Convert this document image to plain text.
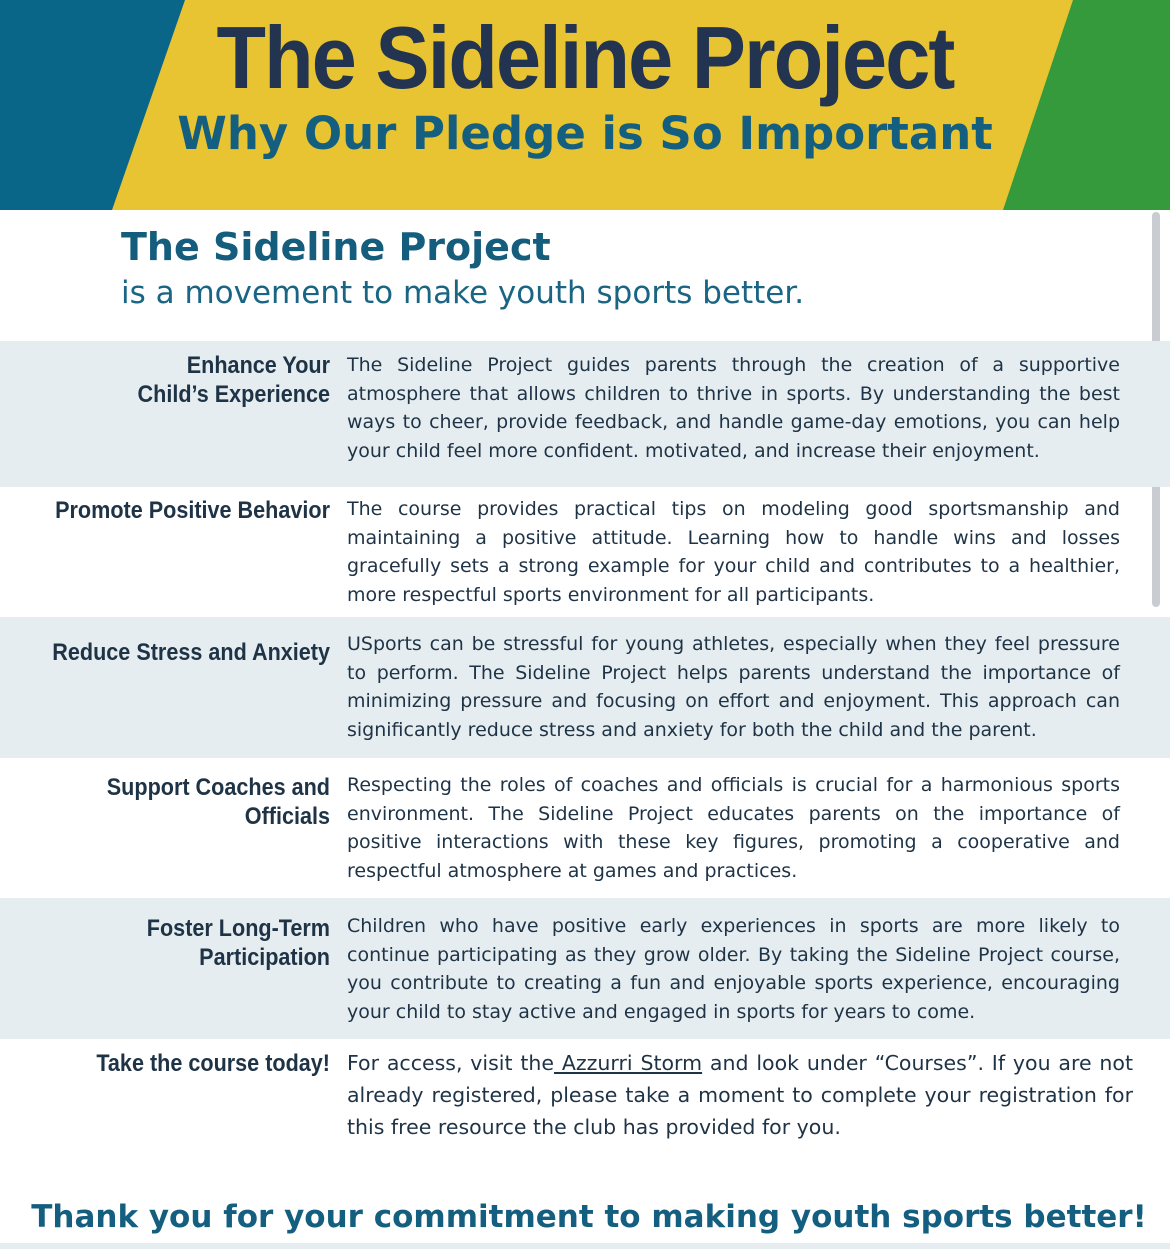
The Sideline Project
Why Our Pledge is So Important
The Sideline Project
is a movement to make youth sports better.
Enhance Your
Child’s Experience
The Sideline Project guides parents through the creation of a supportive atmosphere that allows children to thrive in sports. By understanding the best ways to cheer, provide feedback, and handle game-day emotions, you can help your child feel more confident. motivated, and increase their enjoyment.
Promote Positive Behavior The course provides practical tips on modeling good sportsmanship and maintaining a positive attitude. Learning how to handle wins and losses gracefully sets a strong example for your child and contributes to a healthier, more respectful sports environment for all participants.
Reduce Stress and Anxiety USports can be stressful for young athletes, especially when they feel pressure to perform. The Sideline Project helps parents understand the importance of minimizing pressure and focusing on effort and enjoyment. This approach can significantly reduce stress and anxiety for both the child and the parent.
Support Coaches and
Officials
Respecting the roles of coaches and officials is crucial for a harmonious sports environment. The Sideline Project educates parents on the importance of positive interactions with these key figures, promoting a cooperative and respectful atmosphere at games and practices.
Foster Long-Term
Participation
Children who have positive early experiences in sports are more likely to continue participating as they grow older. By taking the Sideline Project course, you contribute to creating a fun and enjoyable sports experience, encouraging your child to stay active and engaged in sports for years to come.
Take the course today! For access, visit the Azzurri Storm and look under “Courses”. If you are not already registered, please take a moment to complete your registration for this free resource the club has provided for you.
Thank you for your commitment to making youth sports better!
